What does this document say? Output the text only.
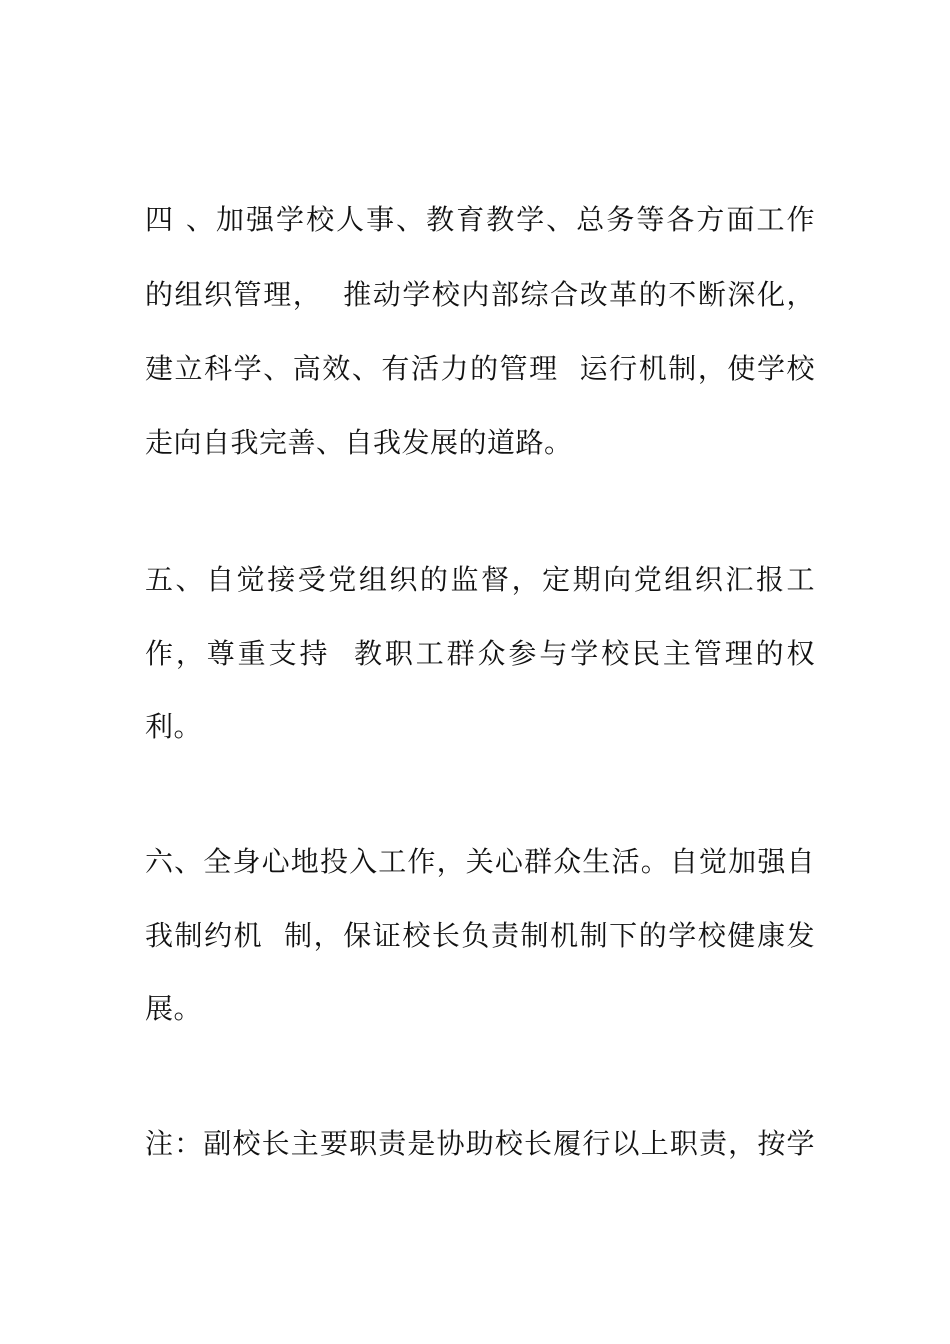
四 、加强学校人事、教育教学、总务等各方面工作
的组织管理，  推动学校内部综合改革的不断深化，
建立科学、高效、有活力的管理  运行机制，使学校
走向自我完善、自我发展的道路。
五、自觉接受党组织的监督，定期向党组织汇报工
作，尊重支持  教职工群众参与学校民主管理的权
利。
六、全身心地投入工作，关心群众生活。自觉加强自
我制约机  制，保证校长负责制机制下的学校健康发
展。
注：副校长主要职责是协助校长履行以上职责，按学
